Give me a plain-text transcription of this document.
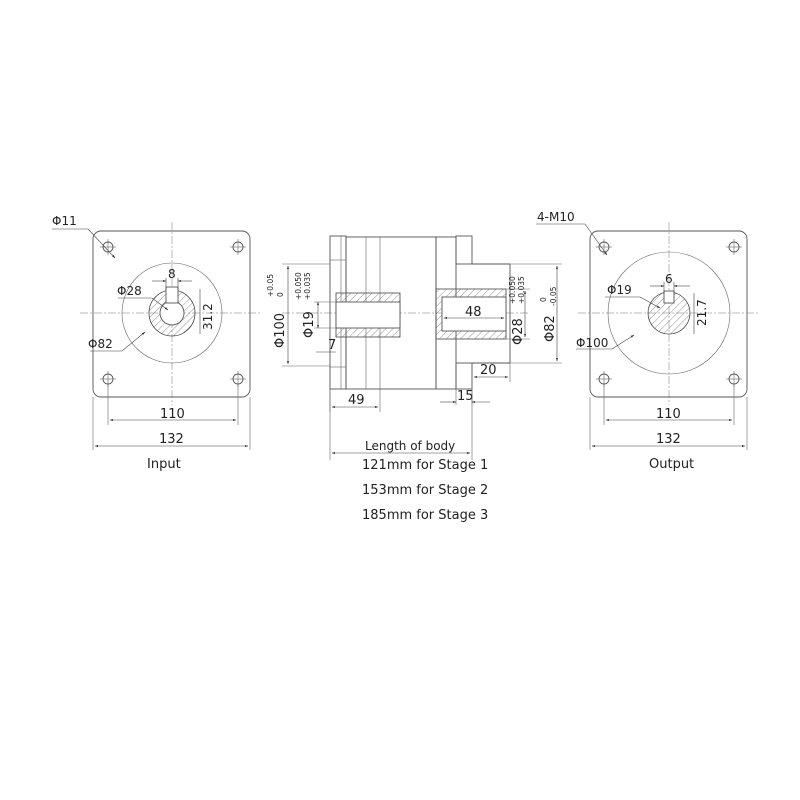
Φ11
Φ28
Φ82
8
31.2
110
132
Input
Φ100
+0.05 0
Φ19
+0.050 +0.035
7
49
48
Φ28
+0.050 +0.035
Φ82
0 -0.05
20
15
Length of body
121mm for Stage 1
153mm for Stage 2
185mm for Stage 3
4-M10
Φ19
Φ100
6
21.7
110
132
Output
